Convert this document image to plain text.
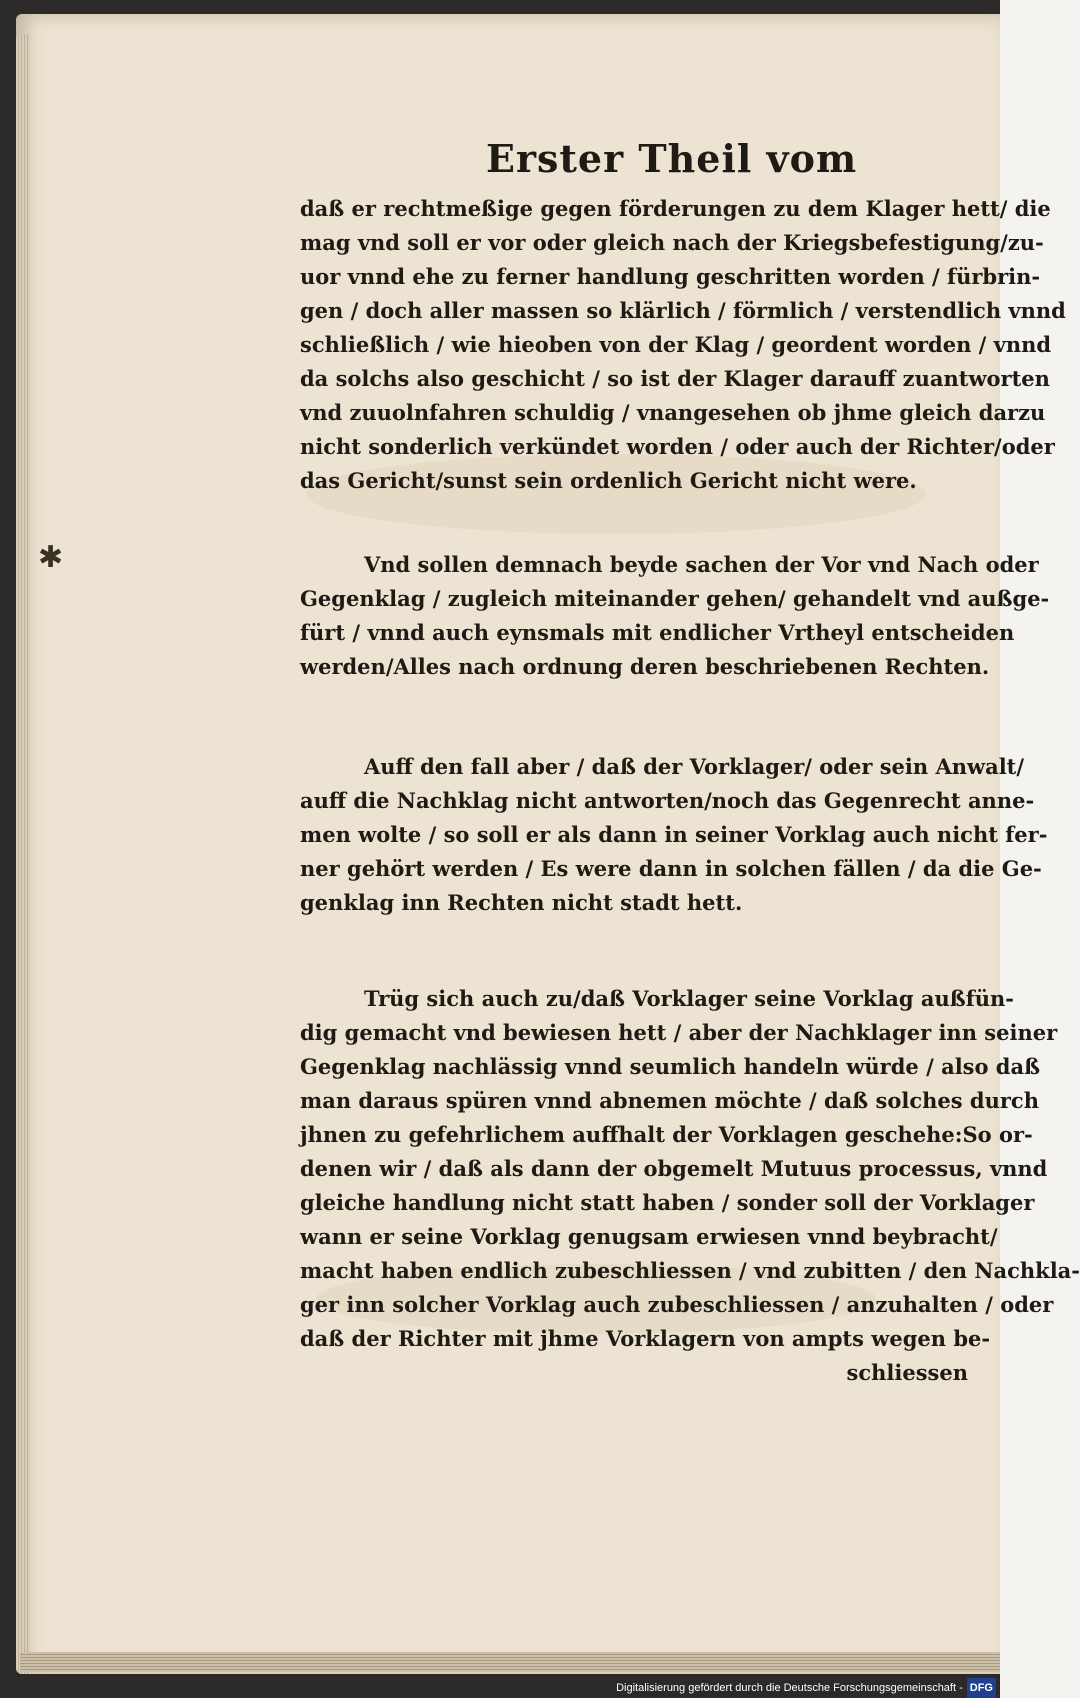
Erster Theil vom
✱
daß er rechtmeßige gegen förderungen zu dem Klager hett/ die
mag vnd soll er vor oder gleich nach der Kriegsbefestigung/zu-
uor vnnd ehe zu ferner handlung geschritten worden / fürbrin-
gen / doch aller massen so klärlich / förmlich / verstendlich vnnd
schließlich / wie hieoben von der Klag / geordent worden / vnnd
da solchs also geschicht / so ist der Klager darauff zuantworten
vnd zuuolnfahren schuldig / vnangesehen ob jhme gleich darzu
nicht sonderlich verkündet worden / oder auch der Richter/oder
das Gericht/sunst sein ordenlich Gericht nicht were.
Vnd sollen demnach beyde sachen der Vor vnd Nach oder
Gegenklag / zugleich miteinander gehen/ gehandelt vnd außge-
fürt / vnnd auch eynsmals mit endlicher Vrtheyl entscheiden
werden/Alles nach ordnung deren beschriebenen Rechten.
Auff den fall aber / daß der Vorklager/ oder sein Anwalt/
auff die Nachklag nicht antworten/noch das Gegenrecht anne-
men wolte / so soll er als dann in seiner Vorklag auch nicht fer-
ner gehört werden / Es were dann in solchen fällen / da die Ge-
genklag inn Rechten nicht stadt hett.
Trüg sich auch zu/daß Vorklager seine Vorklag außfün-
dig gemacht vnd bewiesen hett / aber der Nachklager inn seiner
Gegenklag nachlässig vnnd seumlich handeln würde / also daß
man daraus spüren vnnd abnemen möchte / daß solches durch
jhnen zu gefehrlichem auffhalt der Vorklagen geschehe:So or-
denen wir / daß als dann der obgemelt Mutuus processus, vnnd
gleiche handlung nicht statt haben / sonder soll der Vorklager
wann er seine Vorklag genugsam erwiesen vnnd beybracht/
macht haben endlich zubeschliessen / vnd zubitten / den Nachkla-
ger inn solcher Vorklag auch zubeschliessen / anzuhalten / oder
daß der Richter mit jhme Vorklagern von ampts wegen be-
schliessen
Digitalisierung gefördert durch die Deutsche Forschungsgemeinschaft - DFG
